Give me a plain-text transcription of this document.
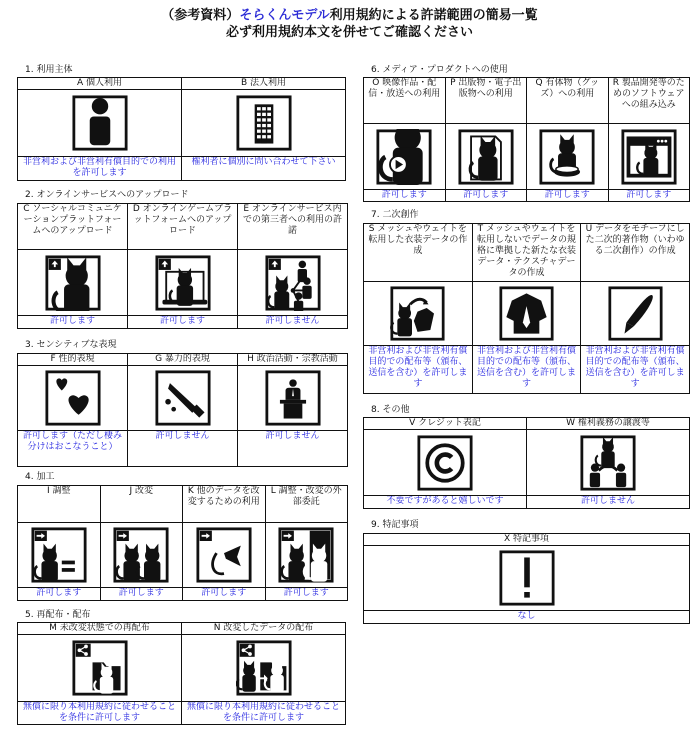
（参考資料）そらくんモデル利用規約による許諾範囲の簡易一覧
必ず利用規約本文を併せてご確認ください
1. 利用主体
A 個人利用	B 法人利用

非営利および非営利有償目的での利用を許可します	権利者に個別に問い合わせて下さい
2. オンラインサービスへのアップロード
C ソーシャルコミュニケーションプラットフォームへのアップロード	D オンラインゲームプラットフォームへのアップロード	E オンラインサービス内での第三者への利用の許諾

許可します	許可します	許可しません
3. センシティブな表現
F 性的表現	G 暴力的表現	H 政治活動・宗教活動

許可します（ただし棲み分けはおこなうこと）	許可しません	許可しません
4. 加工
I 調整	J 改変	K 他のデータを改変するための利用	L 調整・改変の外部委託

許可します	許可します	許可します	許可します
5. 再配布・配布
M 未改変状態での再配布	N 改変したデータの配布

無償に限り本利用規約に従わせることを条件に許可します	無償に限り本利用規約に従わせることを条件に許可します
6. メディア・プロダクトへの使用
O 映像作品・配信・放送への利用	P 出版物・電子出版物への利用	Q 有体物（グッズ）への利用	R 製品開発等のためのソフトウェアへの組み込み

許可します	許可します	許可します	許可します
7. 二次創作
S メッシュやウェイトを転用した衣装データの作成	T メッシュやウェイトを転用しないでデータの規格に準拠した新たな衣装データ・テクスチャデータの作成	U データをモチーフにした二次的著作物（いわゆる二次創作）の作成

非営利および非営利有償目的での配布等（頒布、送信を含む）を許可します	非営利および非営利有償目的での配布等（頒布、送信を含む）を許可します	非営利および非営利有償目的での配布等（頒布、送信を含む）を許可します
8. その他
V クレジット表記	W 権利義務の譲渡等

不要ですがあると嬉しいです	許可しません
9. 特記事項
X 特記事項

なし
